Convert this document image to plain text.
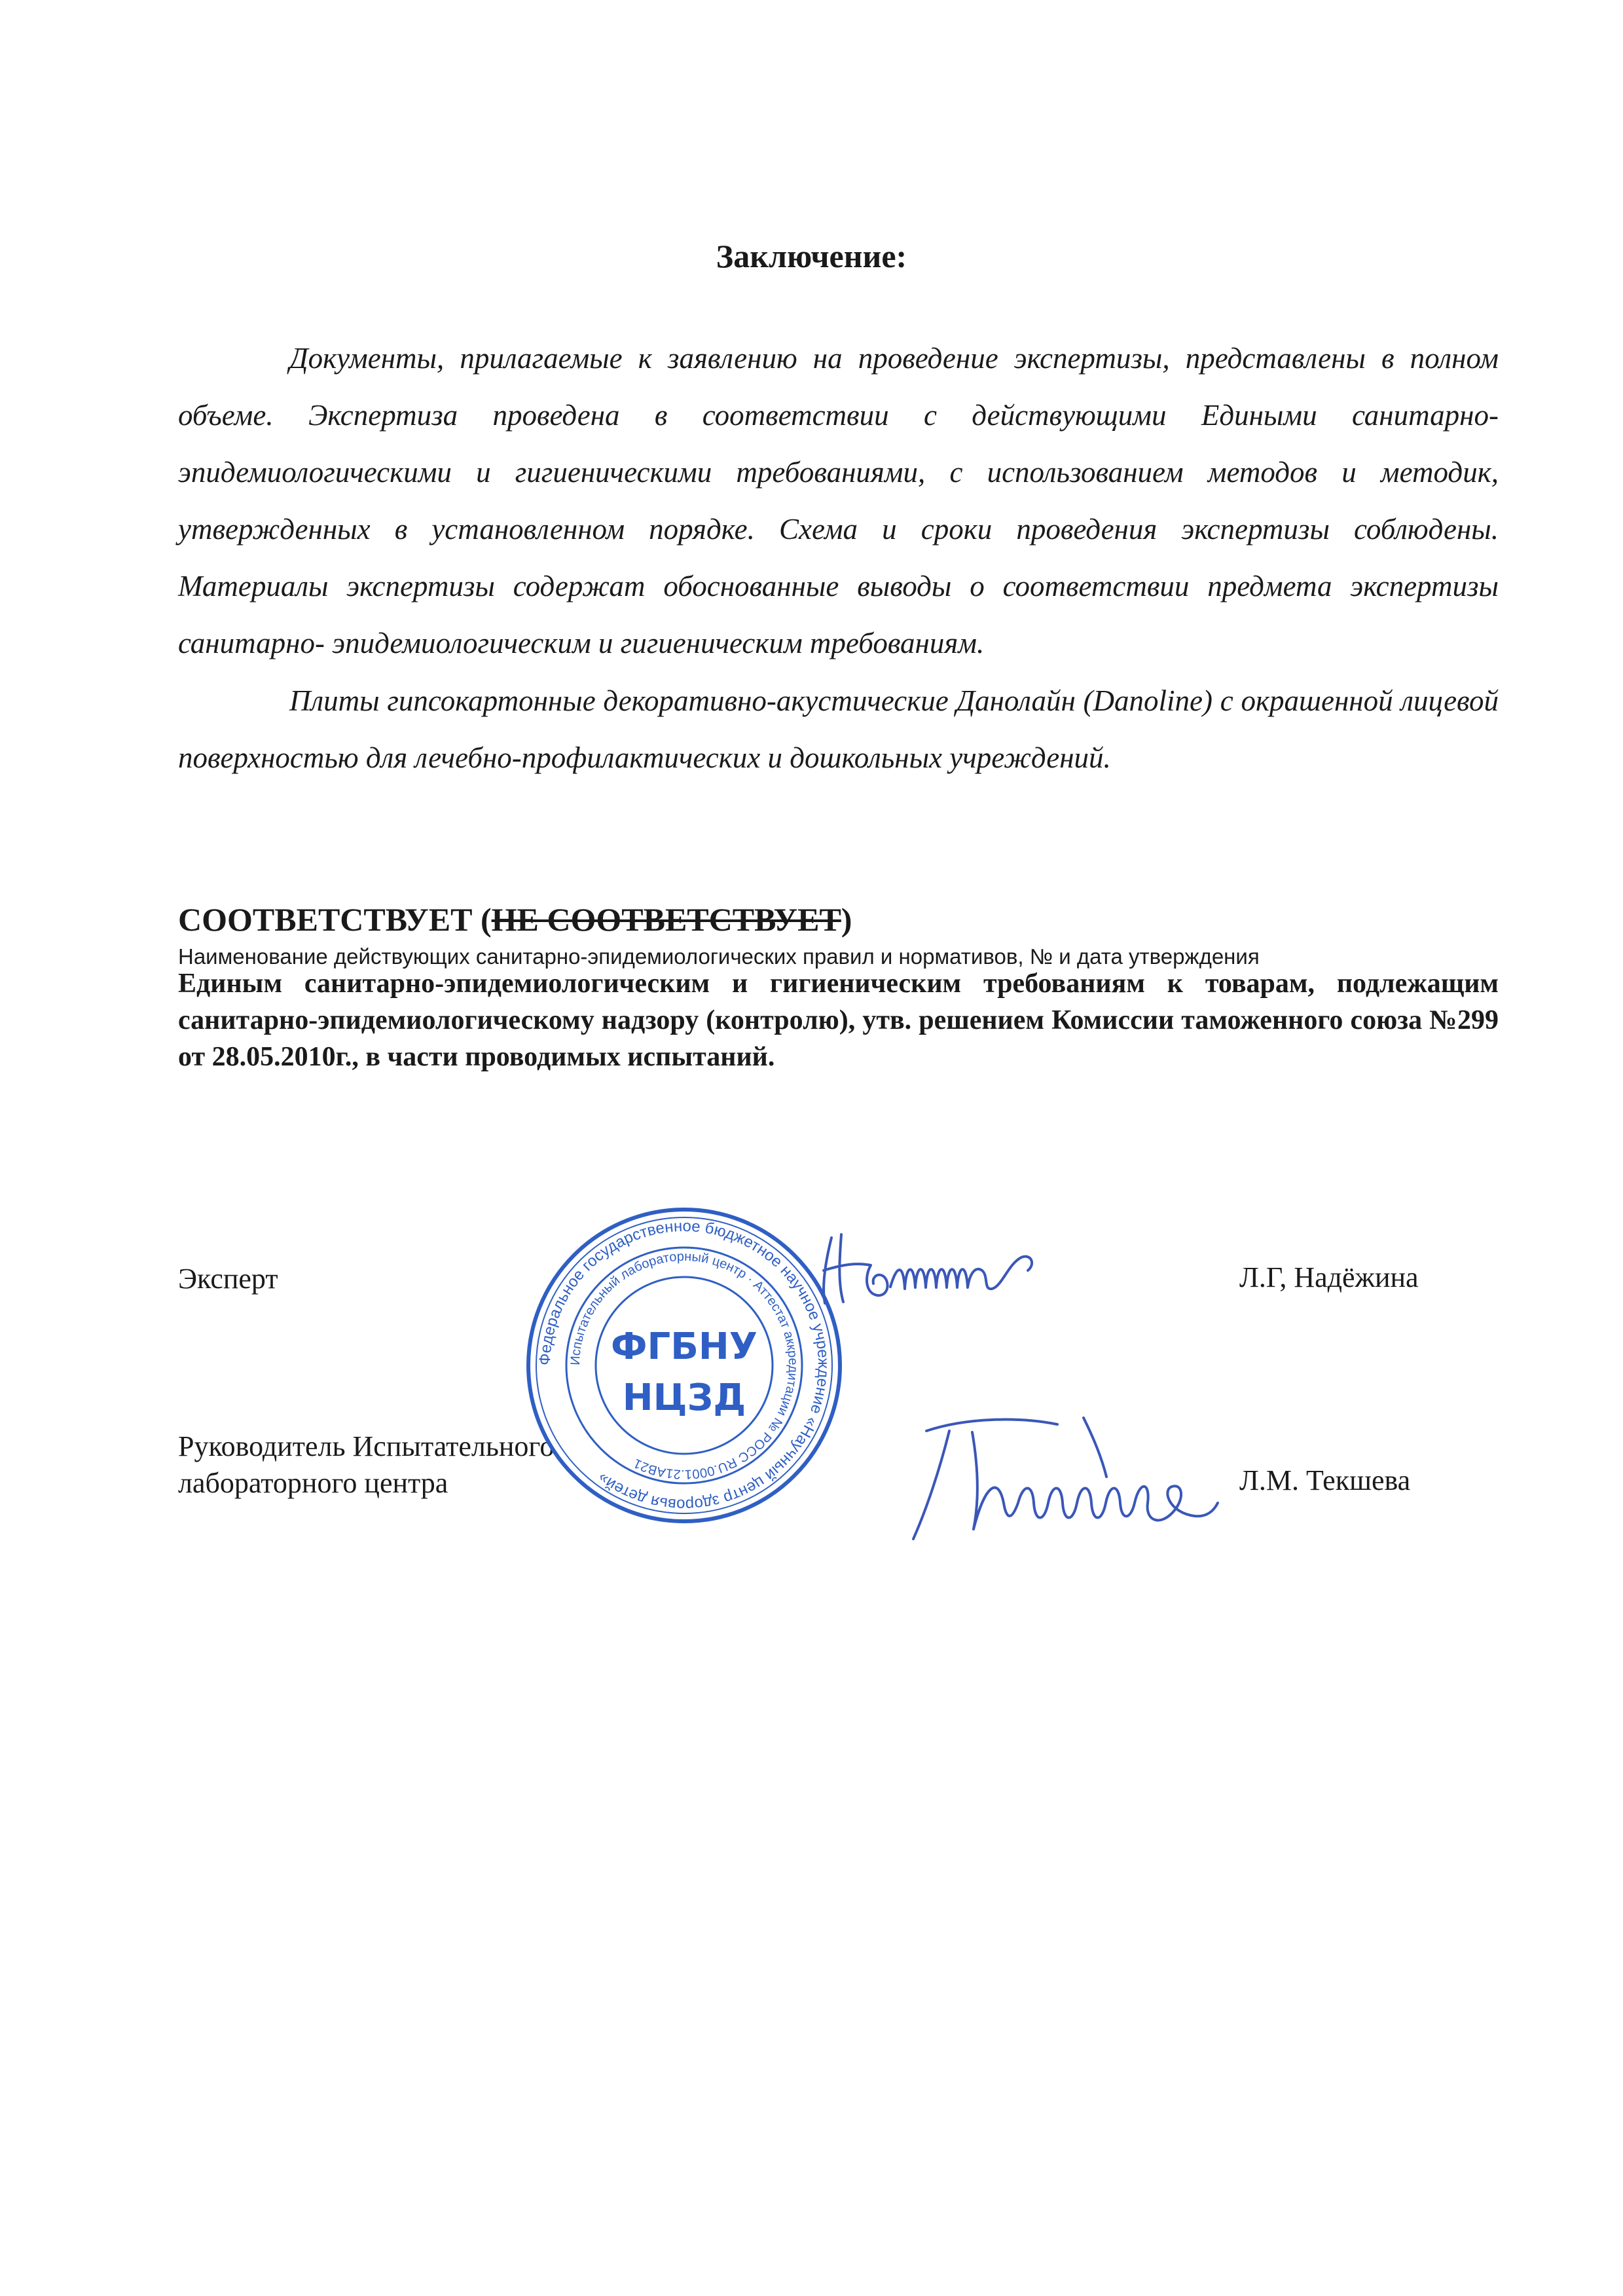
Заключение:

Документы, прилагаемые к заявлению на проведение экспертизы, представлены в полном объеме. Экспертиза проведена в соответствии с действующими Едиными санитарно-эпидемиологическими и гигиеническими требованиями, с использованием методов и методик, утвержденных в установленном порядке. Схема и сроки проведения экспертизы соблюдены. Материалы экспертизы содержат обоснованные выводы о соответствии предмета экспертизы санитарно- эпидемиологическим и гигиеническим требованиям.

Плиты гипсокартонные декоративно-акустические Данолайн (Danoline) с окрашенной лицевой поверхностью для лечебно-профилактических и дошкольных учреждений.

СООТВЕТСТВУЕТ (НЕ СООТВЕТСТВУЕТ)
Наименование действующих санитарно-эпидемиологических правил и нормативов, № и дата утверждения
Единым санитарно-эпидемиологическим и гигиеническим требованиям к товарам, подлежащим санитарно-эпидемиологическому надзору (контролю), утв. решением Комиссии таможенного союза №299 от 28.05.2010г., в части проводимых испытаний.
Эксперт	Л.Г, Надёжина
Руководитель Испытательного
лабораторного центра	Л.М. Текшева
Федеральное государственное бюджетное научное учреждение «Научный центр здоровья детей»
Испытательный лабораторный центр · Аттестат аккредитации № РОСС RU.0001.21АВ21
ФГБНУ
НЦЗД
